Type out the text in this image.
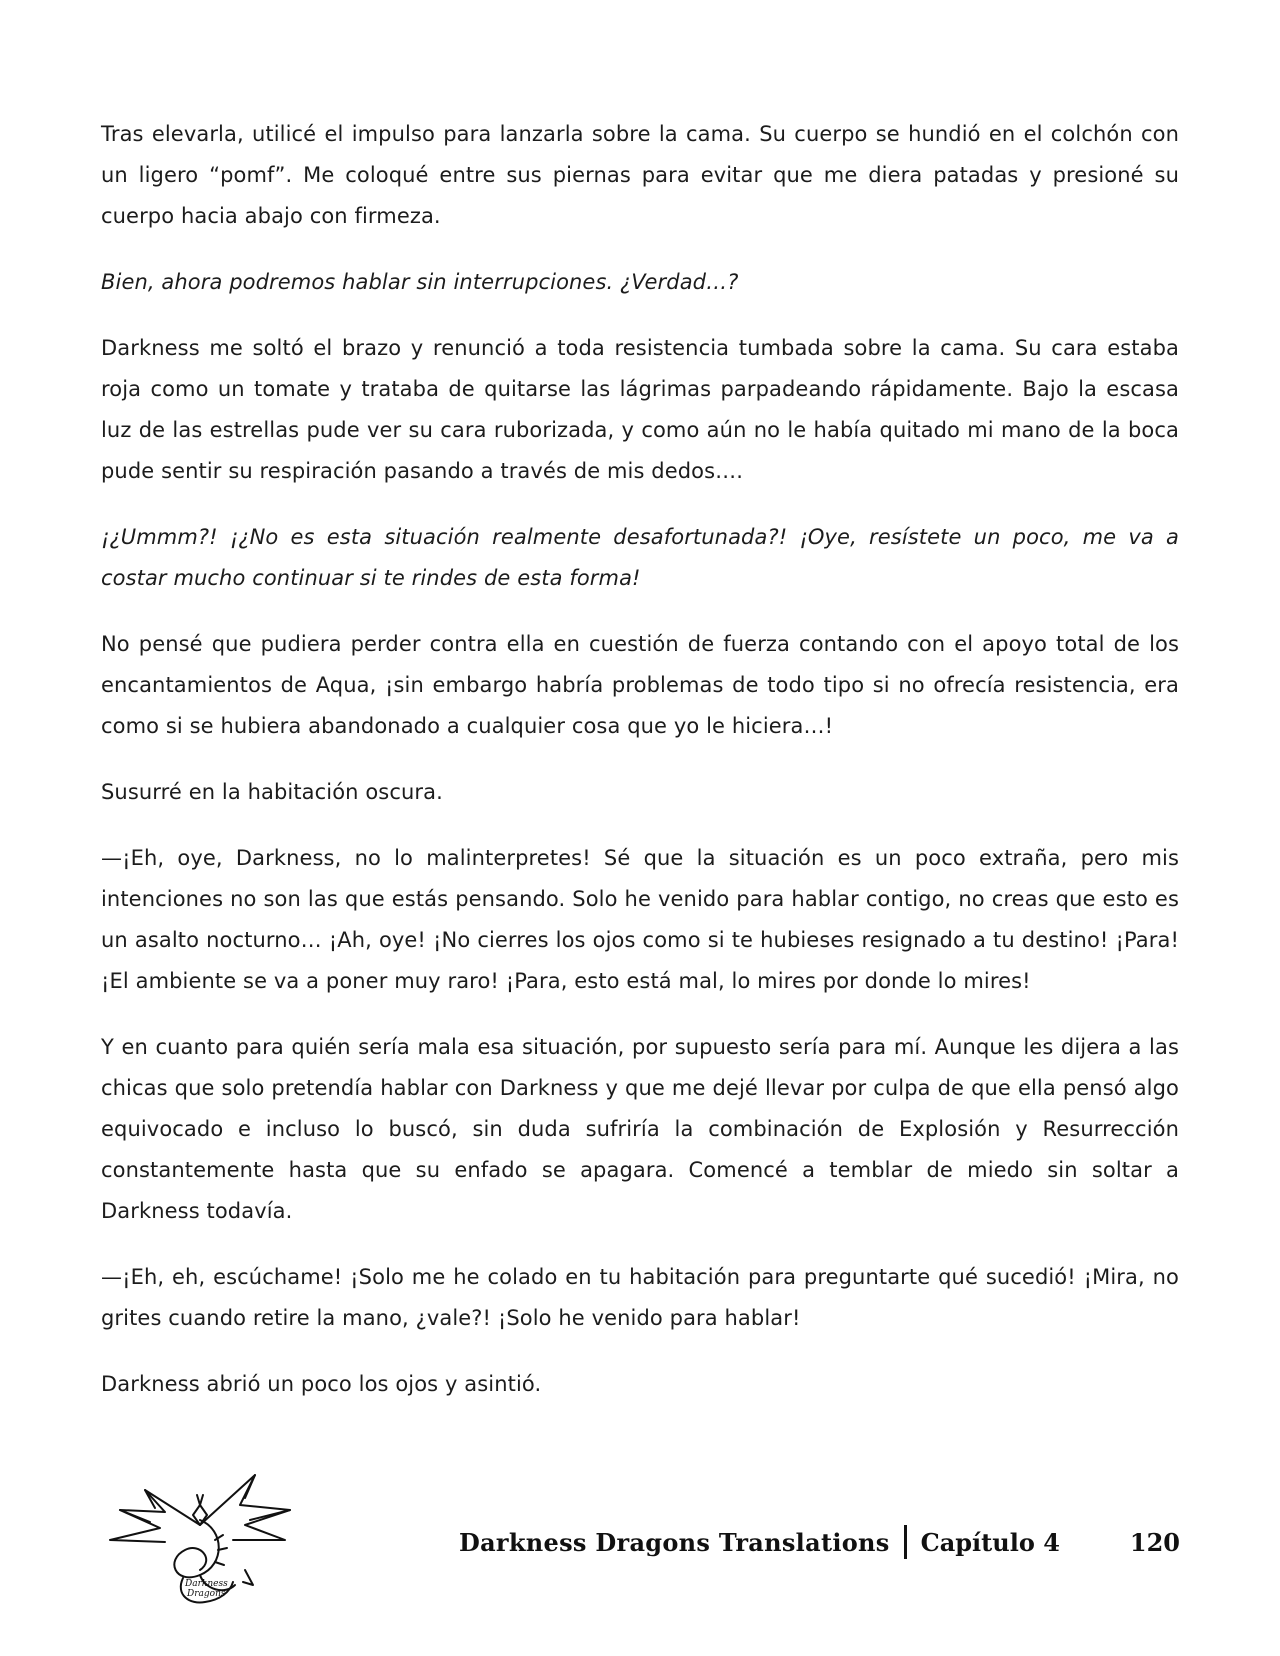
Tras elevarla, utilicé el impulso para lanzarla sobre la cama. Su cuerpo se hundió en el colchón con un ligero “pomf”. Me coloqué entre sus piernas para evitar que me diera patadas y presioné su cuerpo hacia abajo con firmeza.

Bien, ahora podremos hablar sin interrupciones. ¿Verdad…?

Darkness me soltó el brazo y renunció a toda resistencia tumbada sobre la cama. Su cara estaba roja como un tomate y trataba de quitarse las lágrimas parpadeando rápidamente. Bajo la escasa luz de las estrellas pude ver su cara ruborizada, y como aún no le había quitado mi mano de la boca pude sentir su respiración pasando a través de mis dedos….

¡¿Ummm?! ¡¿No es esta situación realmente desafortunada?! ¡Oye, resístete un poco, me va a costar mucho continuar si te rindes de esta forma!

No pensé que pudiera perder contra ella en cuestión de fuerza contando con el apoyo total de los encantamientos de Aqua, ¡sin embargo habría problemas de todo tipo si no ofrecía resistencia, era como si se hubiera abandonado a cualquier cosa que yo le hiciera…!

Susurré en la habitación oscura.

—¡Eh, oye, Darkness, no lo malinterpretes! Sé que la situación es un poco extraña, pero mis intenciones no son las que estás pensando. Solo he venido para hablar contigo, no creas que esto es un asalto nocturno… ¡Ah, oye! ¡No cierres los ojos como si te hubieses resignado a tu destino! ¡Para! ¡El ambiente se va a poner muy raro! ¡Para, esto está mal, lo mires por donde lo mires!

Y en cuanto para quién sería mala esa situación, por supuesto sería para mí. Aunque les dijera a las chicas que solo pretendía hablar con Darkness y que me dejé llevar por culpa de que ella pensó algo equivocado e incluso lo buscó, sin duda sufriría la combinación de Explosión y Resurrección constantemente hasta que su enfado se apagara. Comencé a temblar de miedo sin soltar a Darkness todavía.

—¡Eh, eh, escúchame! ¡Solo me he colado en tu habitación para preguntarte qué sucedió! ¡Mira, no grites cuando retire la mano, ¿vale?! ¡Solo he venido para hablar!

Darkness abrió un poco los ojos y asintió.

Darkness
Dragons
Darkness Dragons Translations Capítulo 4	120
